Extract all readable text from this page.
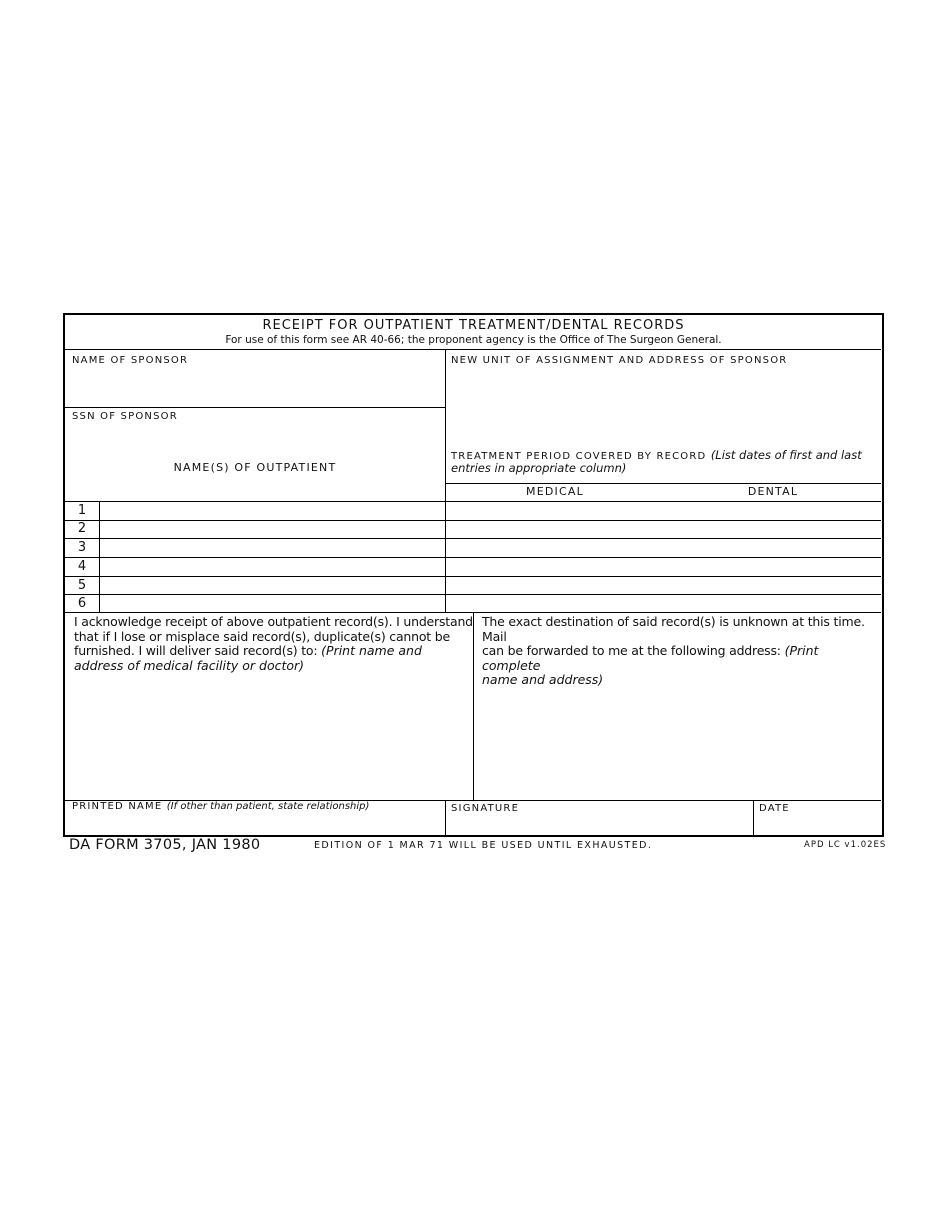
RECEIPT FOR OUTPATIENT TREATMENT/DENTAL RECORDS
For use of this form see AR 40-66; the proponent agency is the Office of The Surgeon General.
NAME OF SPONSOR
SSN OF SPONSOR
NAME(S) OF OUTPATIENT
NEW UNIT OF ASSIGNMENT AND ADDRESS OF SPONSOR
TREATMENT PERIOD COVERED BY RECORD (List dates of first and last
entries in appropriate column)
MEDICAL	DENTAL
1
2
3
4
5
6
I acknowledge receipt of above outpatient record(s). I understand
that if I lose or misplace said record(s), duplicate(s) cannot be
furnished. I will deliver said record(s) to: (Print name and
address of medical facility or doctor)
The exact destination of said record(s) is unknown at this time. Mail
can be forwarded to me at the following address: (Print complete
name and address)
PRINTED NAME (If other than patient, state relationship)	SIGNATURE	DATE
DA FORM 3705, JAN 1980	EDITION OF 1 MAR 71 WILL BE USED UNTIL EXHAUSTED.	APD LC v1.02ES
